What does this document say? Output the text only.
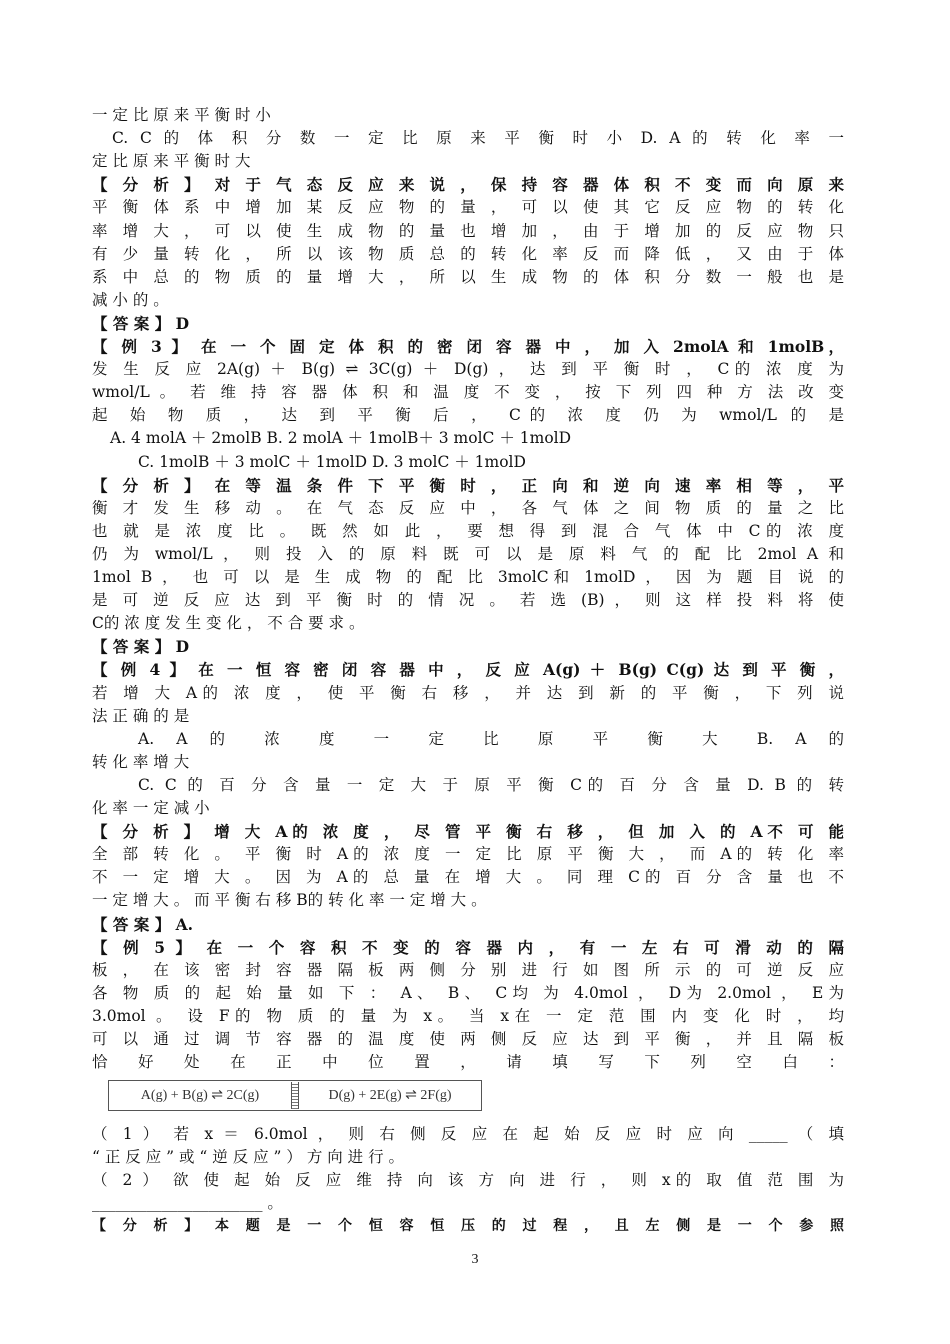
一 定 比 原 来 平 衡 时 小
C. C 的 体 积 分 数 一 定 比 原 来 平 衡 时 小 D. A 的 转 化 率 一
定 比 原 来 平 衡 时 大
【 分 析 】 对 于 气 态 反 应 来 说 ， 保 持 容 器 体 积 不 变 而 向 原 来
平 衡 体 系 中 增 加 某 反 应 物 的 量 ， 可 以 使 其 它 反 应 物 的 转 化
率 增 大 ， 可 以 使 生 成 物 的 量 也 增 加 ， 由 于 增 加 的 反 应 物 只
有 少 量 转 化 ， 所 以 该 物 质 总 的 转 化 率 反 而 降 低 ， 又 由 于 体
系 中 总 的 物 质 的 量 增 大 ， 所 以 生 成 物 的 体 积 分 数 一 般 也 是
减 小 的 。
【 答 案 】 D
【 例 3 】 在 一 个 固 定 体 积 的 密 闭 容 器 中 ， 加 入 2molA 和 1molB，
发 生 反 应 2A(g) ＋ B(g) ⇌ 3C(g) ＋ D(g) ， 达 到 平 衡 时 ， C的 浓 度 为
wmol/L 。 若 维 持 容 器 体 积 和 温 度 不 变 ， 按 下 列 四 种 方 法 改 变
起 始 物 质 ， 达 到 平 衡 后 ， C的 浓 度 仍 为 wmol/L 的 是
A. 4 molA ＋ 2molB B. 2 molA ＋ 1molB＋ 3 molC ＋ 1molD
C. 1molB ＋ 3 molC ＋ 1molD D. 3 molC ＋ 1molD
【 分 析 】 在 等 温 条 件 下 平 衡 时 ， 正 向 和 逆 向 速 率 相 等 ， 平
衡 才 发 生 移 动 。 在 气 态 反 应 中 ， 各 气 体 之 间 物 质 的 量 之 比
也 就 是 浓 度 比 。 既 然 如 此 ， 要 想 得 到 混 合 气 体 中 C的 浓 度
仍 为 wmol/L ， 则 投 入 的 原 料 既 可 以 是 原 料 气 的 配 比 2mol A 和
1mol B ， 也 可 以 是 生 成 物 的 配 比 3molC和 1molD ， 因 为 题 目 说 的
是 可 逆 反 应 达 到 平 衡 时 的 情 况 。 若 选 (B) ， 则 这 样 投 料 将 使
C的 浓 度 发 生 变 化 ， 不 合 要 求 。
【 答 案 】 D
【 例 4 】 在 一 恒 容 密 闭 容 器 中 ， 反 应 A(g) ＋ B(g) C(g) 达 到 平 衡 ，
若 增 大 A的 浓 度 ， 使 平 衡 右 移 ， 并 达 到 新 的 平 衡 ， 下 列 说
法 正 确 的 是
A. A 的 浓 度 一 定 比 原 平 衡 大 B. A 的
转 化 率 增 大
C. C 的 百 分 含 量 一 定 大 于 原 平 衡 C的 百 分 含 量 D. B 的 转
化 率 一 定 减 小
【 分 析 】 增 大 A的 浓 度 ， 尽 管 平 衡 右 移 ， 但 加 入 的 A不 可 能
全 部 转 化 。 平 衡 时 A的 浓 度 一 定 比 原 平 衡 大 ， 而 A的 转 化 率
不 一 定 增 大 。 因 为 A的 总 量 在 增 大 。 同 理 C的 百 分 含 量 也 不
一 定 增 大 。 而 平 衡 右 移 B的 转 化 率 一 定 增 大 。
【 答 案 】 A.
【 例 5 】 在 一 个 容 积 不 变 的 容 器 内 ， 有 一 左 右 可 滑 动 的 隔
板 ， 在 该 密 封 容 器 隔 板 两 侧 分 别 进 行 如 图 所 示 的 可 逆 反 应
各 物 质 的 起 始 量 如 下 ： A、 B、 C均 为 4.0mol ， D为 2.0mol ， E为
3.0mol 。 设 F的 物 质 的 量 为 x。 当 x在 一 定 范 围 内 变 化 时 ， 均
可 以 通 过 调 节 容 器 的 温 度 使 两 侧 反 应 达 到 平 衡 ， 并 且 隔 板
恰 好 处 在 正 中 位 置 ， 请 填 写 下 列 空 白 ：
（ 1 ） 若 x ＝ 6.0mol ， 则 右 侧 反 应 在 起 始 反 应 时 应 向 _____ （ 填
“ 正 反 应 ” 或 “ 逆 反 应 ” ） 方 向 进 行 。
（ 2 ） 欲 使 起 始 反 应 维 持 向 该 方 向 进 行 ， 则 x的 取 值 范 围 为
______________________ 。
【 分 析 】 本 题 是 一 个 恒 容 恒 压 的 过 程 ， 且 左 侧 是 一 个 参 照
A(g) + B(g) ⇌ 2C(g)	D(g) + 2E(g) ⇌ 2F(g)
3
